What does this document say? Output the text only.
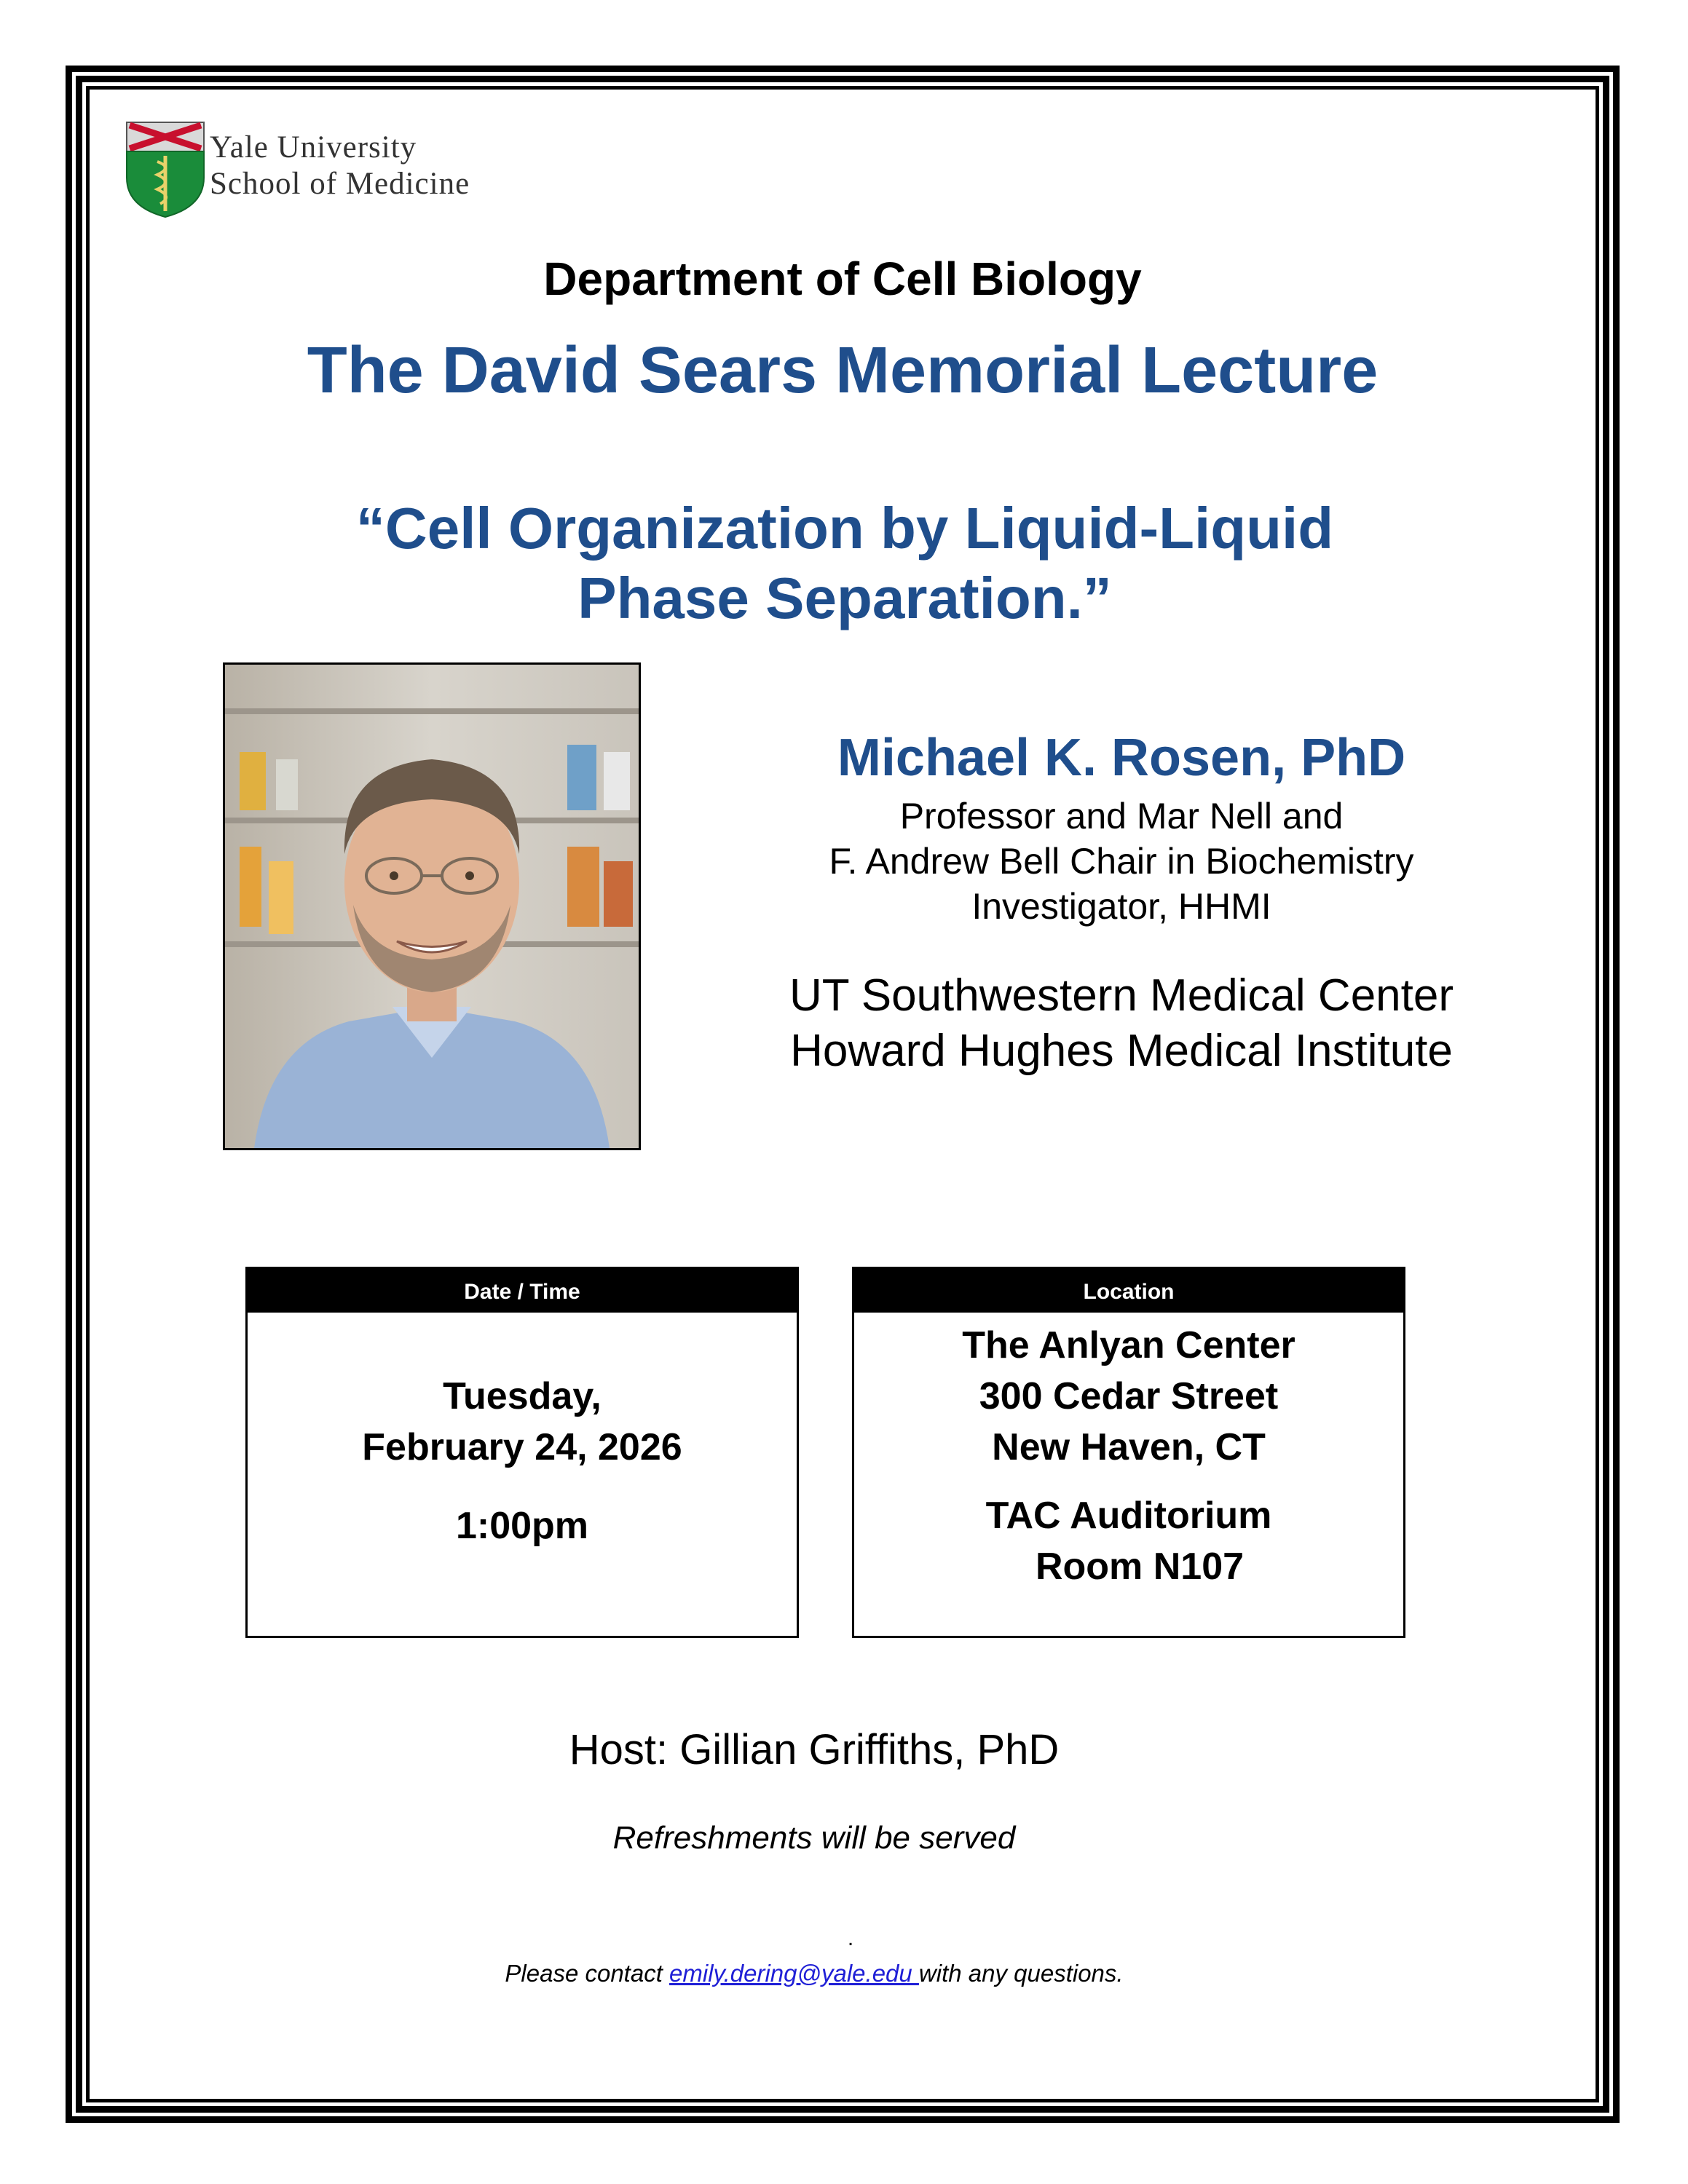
Yale University
School of Medicine
Department of Cell Biology
The David Sears Memorial Lecture
“Cell Organization by Liquid-Liquid
Phase Separation.”
Michael K. Rosen, PhD
Professor and Mar Nell and
F. Andrew Bell Chair in Biochemistry
Investigator, HHMI
UT Southwestern Medical Center
Howard Hughes Medical Institute
Date / Time
Tuesday,
February 24, 2026
1:00pm
Location
The Anlyan Center
300 Cedar Street
New Haven, CT
TAC Auditorium
Room N107
Host: Gillian Griffiths, PhD
Refreshments will be served
.
Please contact emily.dering@yale.edu with any questions.
